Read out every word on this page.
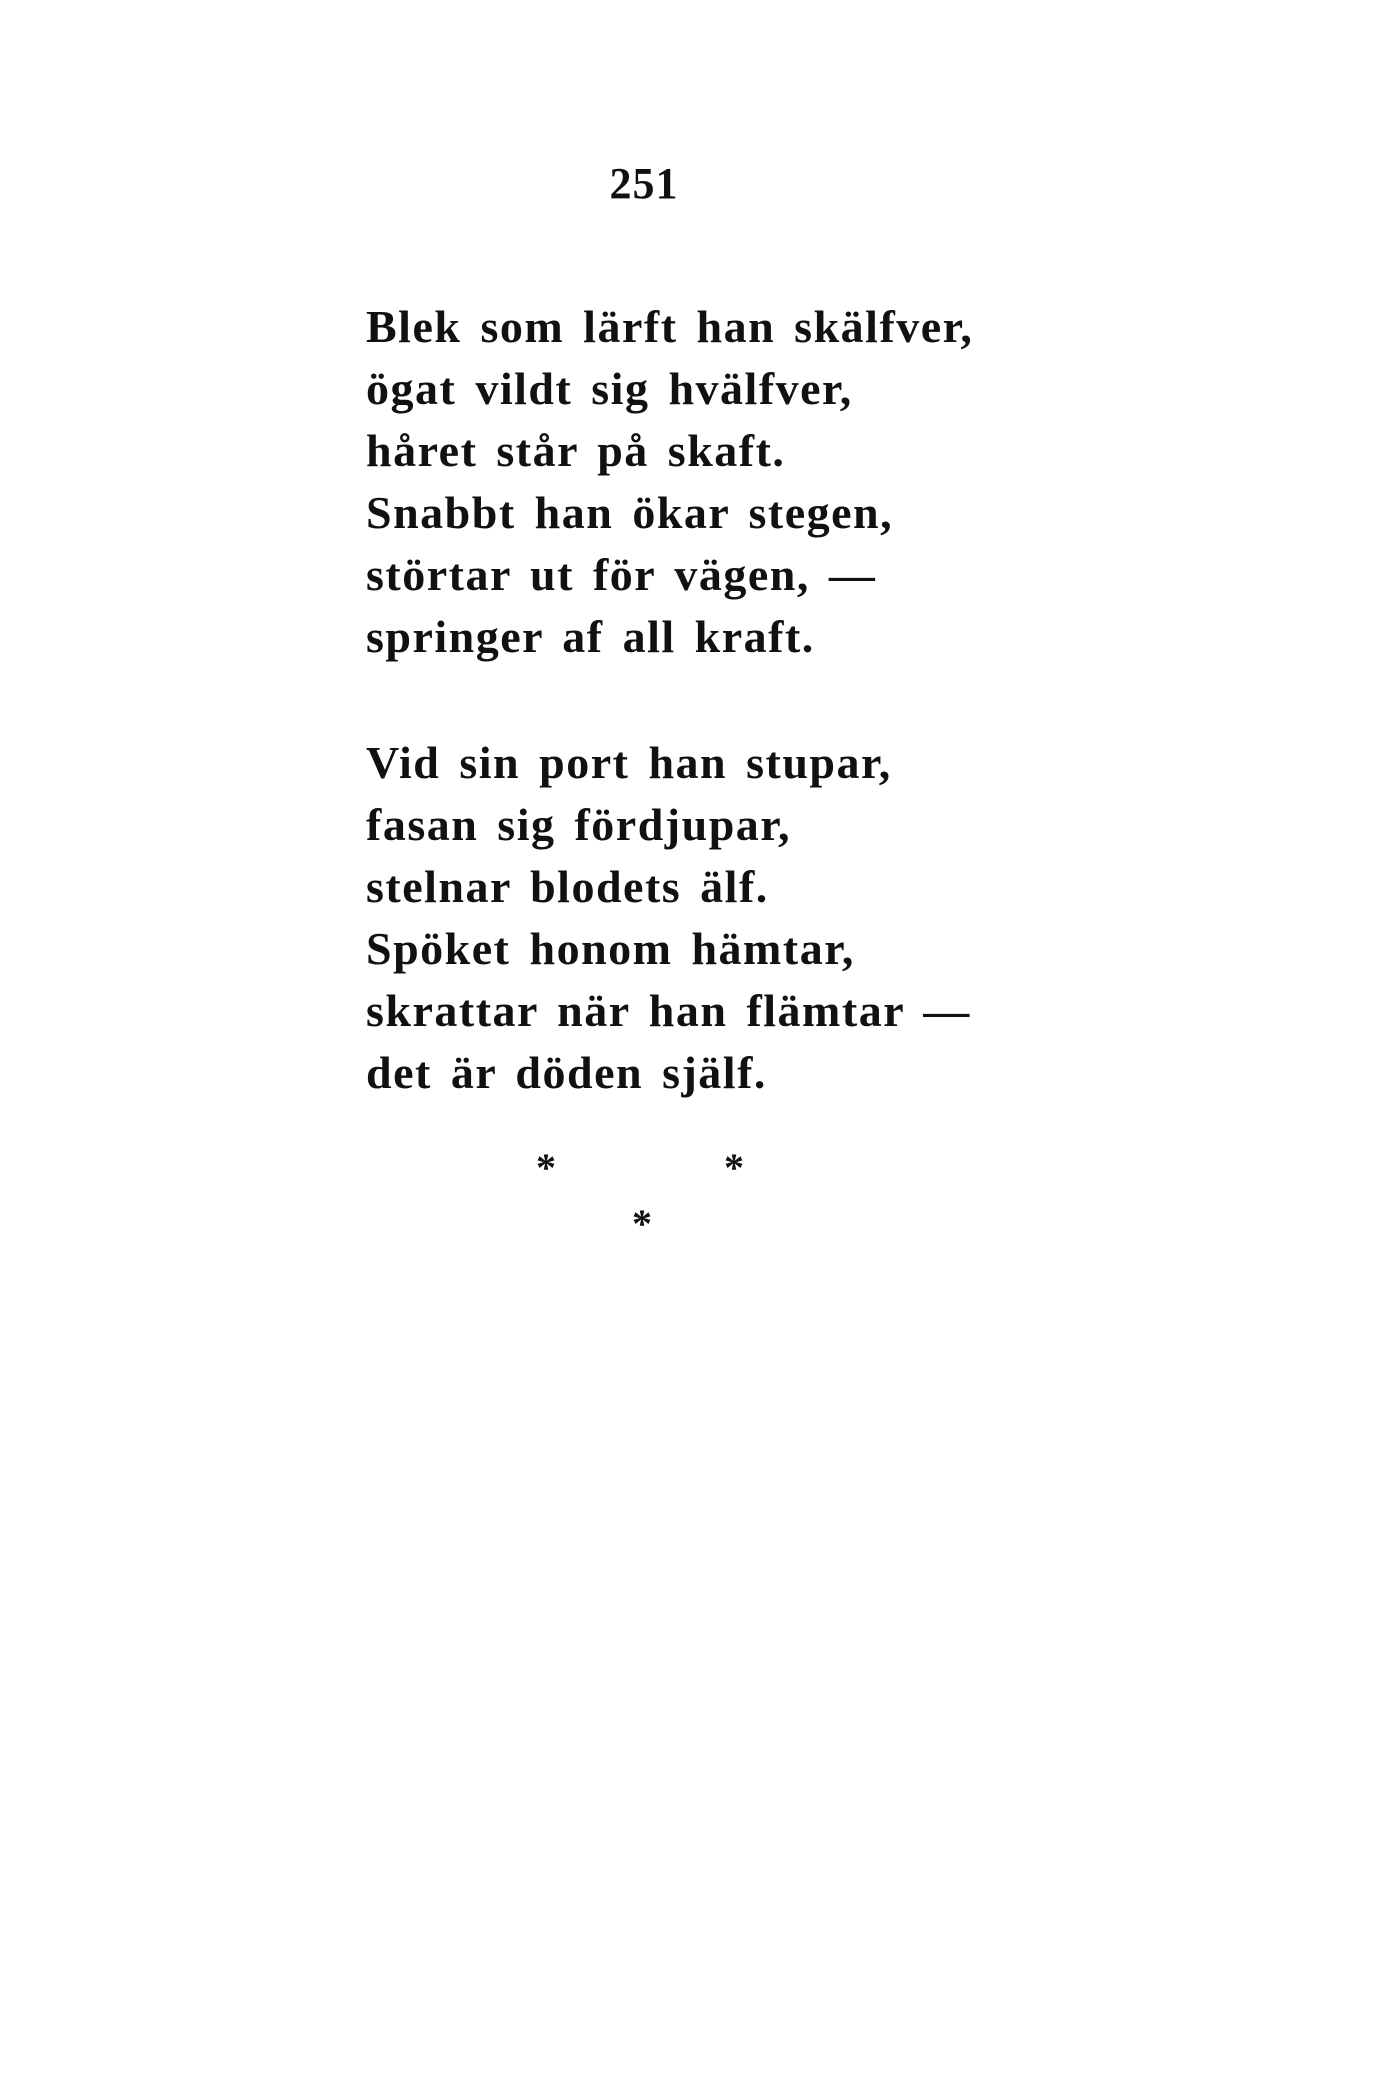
251
Blek som lärft han skälfver,
ögat vildt sig hvälfver,
håret står på skaft.
Snabbt han ökar stegen,
störtar ut för vägen, —
springer af all kraft.
Vid sin port han stupar,
fasan sig fördjupar,
stelnar blodets älf.
Spöket honom hämtar,
skrattar när han flämtar —
det är döden själf.
*	*
*
